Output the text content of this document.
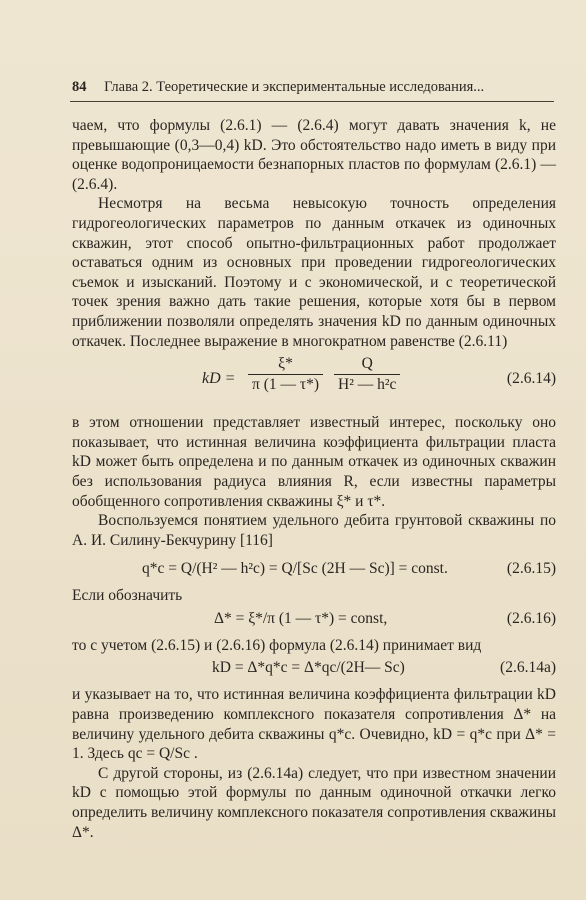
84 Глава 2. Теоретические и экспериментальные исследования...

чаем, что формулы (2.6.1) — (2.6.4) могут давать значения k, не превышающие (0,3—0,4) kD. Это обстоятельство надо иметь в виду при оценке водопроницаемости безнапорных пластов по формулам (2.6.1) — (2.6.4).

Несмотря на весьма невысокую точность определения гидрогеологических параметров по данным откачек из одиночных скважин, этот способ опытно-фильтрационных работ продолжает оставаться одним из основных при проведении гидрогеологических съемок и изысканий. Поэтому и с экономической, и с теоретической точек зрения важно дать такие решения, которые хотя бы в первом приближении позволяли определять значения kD по данным одиночных откачек. Последнее выражение в многократном равенстве (2.6.11)

kD =
ξ*
π (1 — τ*)
Q
H² — h²c	(2.6.14)

в этом отношении представляет известный интерес, поскольку оно показывает, что истинная величина коэффициента фильтрации пласта kD может быть определена и по данным откачек из одиночных скважин без использования радиуса влияния R, если известны параметры обобщенного сопротивления скважины ξ* и τ*.

Воспользуемся понятием удельного дебита грунтовой скважины по А. И. Силину-Бекчурину [116]

q*c = Q/(H² — h²c) = Q/[Sc (2H — Sc)] = const.	(2.6.15)

Если обозначить

Δ* = ξ*/π (1 — τ*) = const,	(2.6.16)

то с учетом (2.6.15) и (2.6.16) формула (2.6.14) принимает вид

kD = Δ*q*c = Δ*qc/(2H— Sc)	(2.6.14а)

и указывает на то, что истинная величина коэффициента фильтрации kD равна произведению комплексного показателя сопротивления Δ* на величину удельного дебита скважины q*c. Очевидно, kD = q*c при Δ* = 1. Здесь qc = Q/Sc .

С другой стороны, из (2.6.14а) следует, что при известном значении kD с помощью этой формулы по данным одиночной откачки легко определить величину комплексного показателя сопротивления скважины Δ*.
